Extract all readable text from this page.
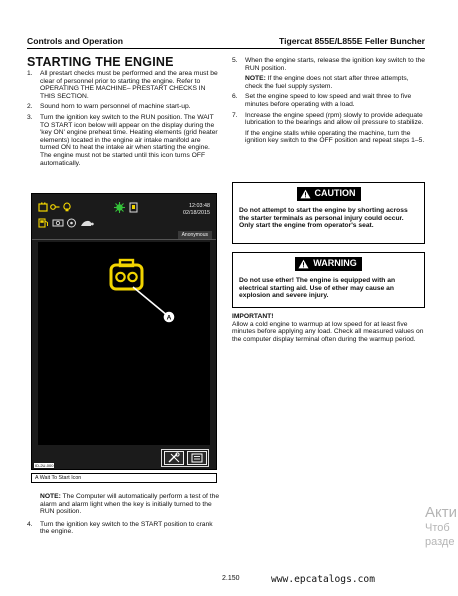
Controls and Operation	Tigercat 855E/L855E Feller Buncher
STARTING THE ENGINE
1.	All prestart checks must be performed and the area must be clear of personnel prior to starting the engine. Refer to OPERATING THE MACHINE– PRESTART CHECKS IN THIS SECTION.
2.	Sound horn to warn personnel of machine start-up.
3.	Turn the ignition key switch to the RUN position. The WAIT TO START icon below will appear on the display during the 'key ON' engine preheat time. Heating elements (grid heater elements) located in the engine air intake manifold are turned ON to heat the intake air when starting the engine. The engine must not be started until this icon turns OFF automatically.
12:03:48
02/18/2015
Anonymous
A
ID-2U-000
A Wait To Start Icon
NOTE: The Computer will automatically perform a test of the alarm and alarm light when the key is initially turned to the RUN position.
4.	Turn the ignition key switch to the START position to crank the engine.
5.	When the engine starts, release the ignition key switch to the RUN position.
NOTE: If the engine does not start after three attempts, check the fuel supply system.
6.	Set the engine speed to low speed and wait three to five minutes before operating with a load.
7.	Increase the engine speed (rpm) slowly to provide adequate lubrication to the bearings and allow oil pressure to stabilize.
If the engine stalls while operating the machine, turn the ignition key switch to the OFF position and repeat steps 1–5.
CAUTION
Do not attempt to start the engine by shorting across the starter terminals as personal injury could occur. Only start the engine from operator's seat.
WARNING
Do not use ether! The engine is equipped with an electrical starting aid. Use of ether may cause an explosion and severe injury.
IMPORTANT!
Allow a cold engine to warmup at low speed for at least five minutes before applying any load. Check all measured values on the computer display terminal often during the warmup period.
2.150	www.epcatalogs.com
Акти
Чтоб
разде
